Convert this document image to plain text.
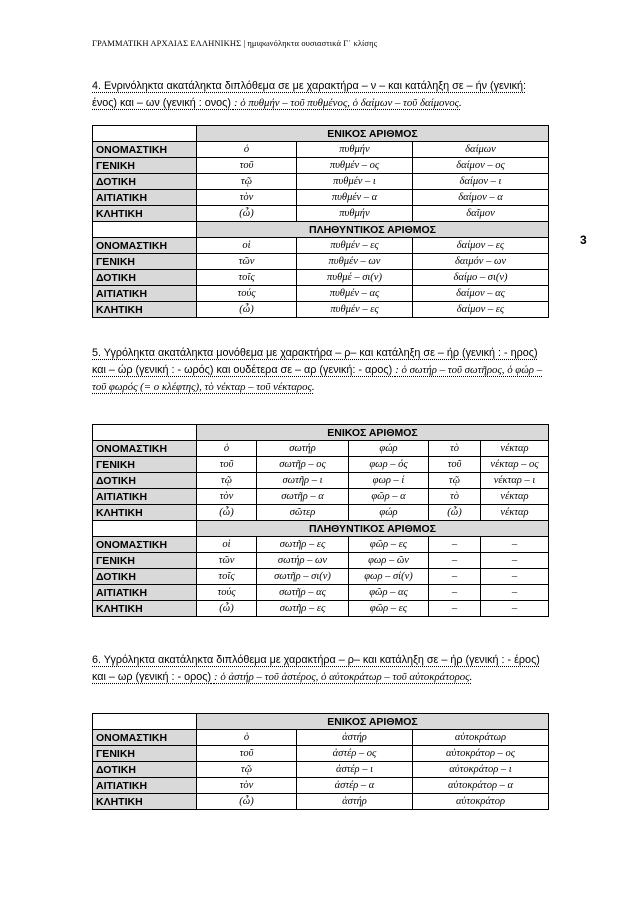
ΓΡΑΜΜΑΤΙΚΗ ΑΡΧΑΙΑΣ ΕΛΛΗΝΙΚΗΣ | ημιφωνόληκτα ουσιαστικά Γ΄ κλίσης
3
4. Ενρινόληκτα ακατάληκτα διπλόθεμα σε με χαρακτήρα – ν – και κατάληξη σε – ήν (γενική: ένος) και – ων (γενική : ονος) : ὁ πυθμήν – τοῦ πυθμένος, ὁ δαίμων – τοῦ δαίμονος.
	ΕΝΙΚΟΣ ΑΡΙΘΜΟΣ		
ΟΝΟΜΑΣΤΙΚΗ	ὁ	πυθμήν	δαίμων
ΓΕΝΙΚΗ	τοῦ	πυθμέν – ος	δαίμον – ος
ΔΟΤΙΚΗ	τῷ	πυθμέν – ι	δαίμον – ι
ΑΙΤΙΑΤΙΚΗ	τὸν	πυθμέν – α	δαίμον – α
ΚΛΗΤΙΚΗ	(ὦ)	πυθμήν	δαῖμον
	ΠΛΗΘΥΝΤΙΚΟΣ ΑΡΙΘΜΟΣ		
ΟΝΟΜΑΣΤΙΚΗ	οἱ	πυθμέν – ες	δαίμον – ες
ΓΕΝΙΚΗ	τῶν	πυθμέν – ων	δαιμόν – ων
ΔΟΤΙΚΗ	τοῖς	πυθμέ – σι(ν)	δαίμο – σι(ν)
ΑΙΤΙΑΤΙΚΗ	τούς	πυθμέν – ας	δαίμον – ας
ΚΛΗΤΙΚΗ	(ὦ)	πυθμέν – ες	δαίμον – ες
5. Υγρόληκτα ακατάληκτα μονόθεμα με χαρακτήρα – ρ– και κατάληξη σε – ήρ (γενική : - ηρος) και – ώρ (γενική : - ωρός) και ουδέτερα σε – αρ (γενική: - αρος) : ὁ σωτήρ – τοῦ σωτῆρος, ὁ φώρ – τοῦ φωρός (= ο κλέφτης), τὸ νέκταρ – τοῦ νέκταρος.
	ΕΝΙΚΟΣ ΑΡΙΘΜΟΣ				
ΟΝΟΜΑΣΤΙΚΗ	ὁ	σωτήρ	φώρ	τὸ	νέκταρ
ΓΕΝΙΚΗ	τοῦ	σωτῆρ – ος	φωρ – ός	τοῦ	νέκταρ – ος
ΔΟΤΙΚΗ	τῷ	σωτῆρ – ι	φωρ – ί	τῷ	νέκταρ – ι
ΑΙΤΙΑΤΙΚΗ	τὸν	σωτῆρ – α	φῶρ – α	τὸ	νέκταρ
ΚΛΗΤΙΚΗ	(ὦ)	σῶτερ	φώρ	(ὦ)	νέκταρ
	ΠΛΗΘΥΝΤΙΚΟΣ ΑΡΙΘΜΟΣ				
ΟΝΟΜΑΣΤΙΚΗ	οἱ	σωτῆρ – ες	φῶρ – ες	–	–
ΓΕΝΙΚΗ	τῶν	σωτήρ – ων	φωρ – ῶν	–	–
ΔΟΤΙΚΗ	τοῖς	σωτῆρ – σι(ν)	φωρ – σί(ν)	–	–
ΑΙΤΙΑΤΙΚΗ	τούς	σωτῆρ – ας	φῶρ – ας	–	–
ΚΛΗΤΙΚΗ	(ὦ)	σωτῆρ – ες	φῶρ – ες	–	–
6. Υγρόληκτα ακατάληκτα διπλόθεμα με χαρακτήρα – ρ– και κατάληξη σε – ήρ (γενική : - έρος) και – ωρ (γενική : - ορος) : ὁ ἀστήρ – τοῦ ἀστέρος, ὁ αὐτοκράτωρ – τοῦ αὐτοκράτορος.
	ΕΝΙΚΟΣ ΑΡΙΘΜΟΣ		
ΟΝΟΜΑΣΤΙΚΗ	ὁ	ἀστήρ	αὐτοκράτωρ
ΓΕΝΙΚΗ	τοῦ	ἀστέρ – ος	αὐτοκράτορ – ος
ΔΟΤΙΚΗ	τῷ	ἀστέρ – ι	αὐτοκράτορ – ι
ΑΙΤΙΑΤΙΚΗ	τὸν	ἀστέρ – α	αὐτοκράτορ – α
ΚΛΗΤΙΚΗ	(ὦ)	ἀστήρ	αὐτοκράτορ
